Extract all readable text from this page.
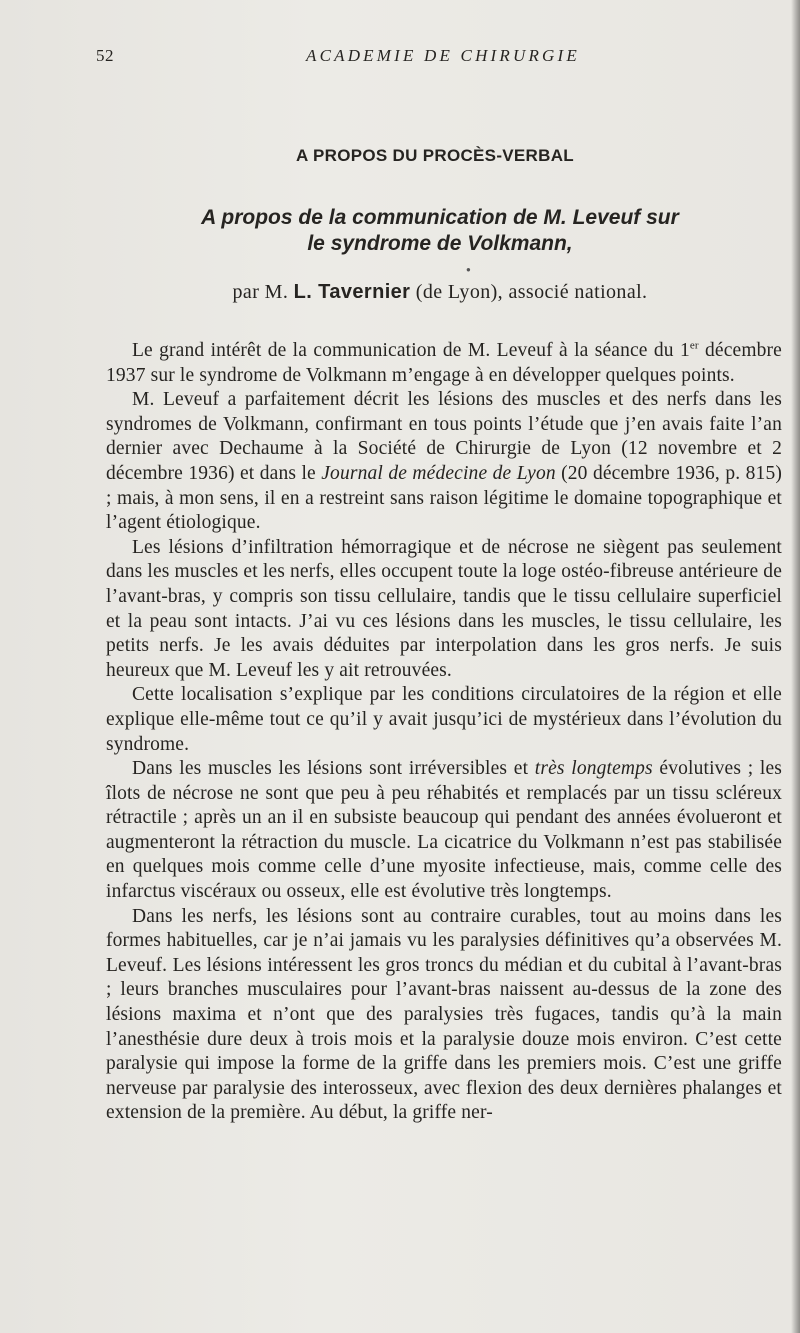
52	ACADEMIE DE CHIRURGIE
A PROPOS DU PROCÈS-VERBAL
A propos de la communication de M. Leveuf sur
le syndrome de Volkmann,
●
par M. L. Tavernier (de Lyon), associé national.

Le grand intérêt de la communication de M. Leveuf à la séance du 1er décembre 1937 sur le syndrome de Volkmann m’engage à en développer quelques points.

M. Leveuf a parfaitement décrit les lésions des muscles et des nerfs dans les syndromes de Volkmann, confirmant en tous points l’étude que j’en avais faite l’an dernier avec Dechaume à la Société de Chirurgie de Lyon (12 novembre et 2 décembre 1936) et dans le Journal de médecine de Lyon (20 décembre 1936, p. 815) ; mais, à mon sens, il en a restreint sans raison légitime le domaine topographique et l’agent étiologique.

Les lésions d’infiltration hémorragique et de nécrose ne siègent pas seulement dans les muscles et les nerfs, elles occupent toute la loge ostéo-fibreuse antérieure de l’avant-bras, y compris son tissu cellulaire, tandis que le tissu cellulaire superficiel et la peau sont intacts. J’ai vu ces lésions dans les muscles, le tissu cellulaire, les petits nerfs. Je les avais déduites par interpolation dans les gros nerfs. Je suis heureux que M. Leveuf les y ait retrouvées.

Cette localisation s’explique par les conditions circulatoires de la région et elle explique elle-même tout ce qu’il y avait jusqu’ici de mystérieux dans l’évolution du syndrome.

Dans les muscles les lésions sont irréversibles et très longtemps évolutives ; les îlots de nécrose ne sont que peu à peu réhabités et remplacés par un tissu scléreux rétractile ; après un an il en subsiste beaucoup qui pendant des années évolueront et augmenteront la rétraction du muscle. La cicatrice du Volkmann n’est pas stabilisée en quelques mois comme celle d’une myosite infectieuse, mais, comme celle des infarctus viscéraux ou osseux, elle est évolutive très longtemps.

Dans les nerfs, les lésions sont au contraire curables, tout au moins dans les formes habituelles, car je n’ai jamais vu les paralysies définitives qu’a observées M. Leveuf. Les lésions intéressent les gros troncs du médian et du cubital à l’avant-bras ; leurs branches musculaires pour l’avant-bras naissent au-dessus de la zone des lésions maxima et n’ont que des paralysies très fugaces, tandis qu’à la main l’anesthésie dure deux à trois mois et la paralysie douze mois environ. C’est cette paralysie qui impose la forme de la griffe dans les premiers mois. C’est une griffe nerveuse par paralysie des interosseux, avec flexion des deux dernières phalanges et extension de la première. Au début, la griffe ner-
